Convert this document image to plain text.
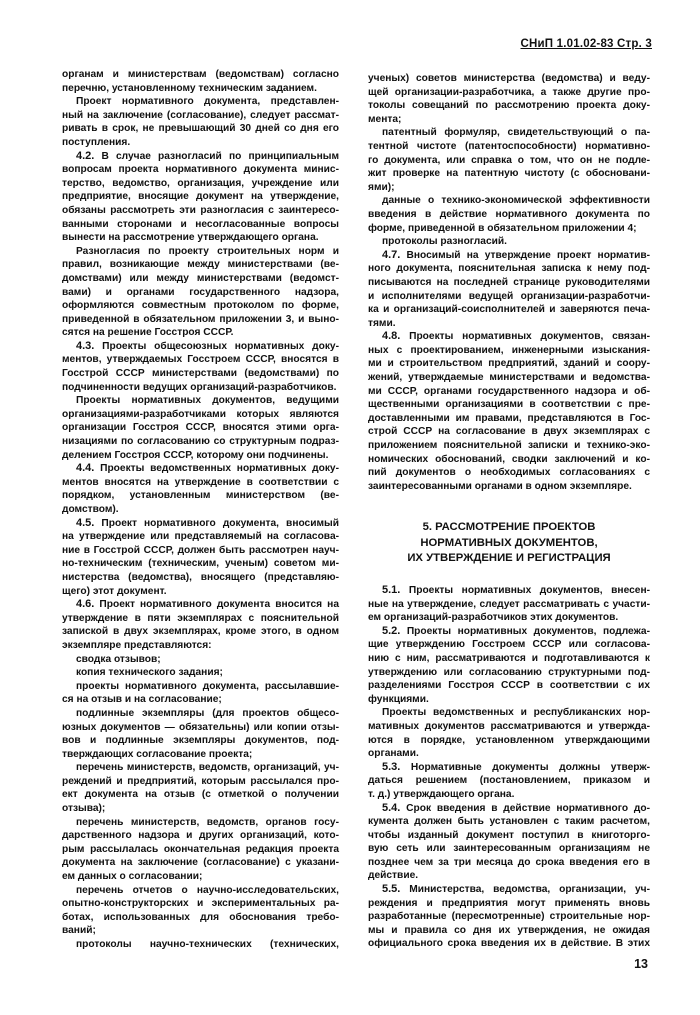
СНиП 1.01.02-83 Стр. 3
органам и министерствам (ведомствам) согласно
перечню, установленному техническим заданием.
Проект нормативного документа, представлен-
ный на заключение (согласование), следует рассмат-
ривать в срок, не превышающий 30 дней со дня его
поступления.
4.2. В случае разногласий по принципиальным
вопросам проекта нормативного документа минис-
терство, ведомство, организация, учреждение или
предприятие, вносящие документ на утверждение,
обязаны рассмотреть эти разногласия с заинтересо-
ванными сторонами и несогласованные вопросы
вынести на рассмотрение утверждающего органа.
Разногласия по проекту строительных норм и
правил, возникающие между министерствами (ве-
домствами) или между министерствами (ведомст-
вами) и органами государственного надзора,
оформляются совместным протоколом по форме,
приведенной в обязательном приложении 3, и выно-
сятся на решение Госстроя СССР.
4.3. Проекты общесоюзных нормативных доку-
ментов, утверждаемых Госстроем СССР, вносятся в
Госстрой СССР министерствами (ведомствами) по
подчиненности ведущих организаций-разработчиков.
Проекты нормативных документов, ведущими
организациями-разработчиками которых являются
организации Госстроя СССР, вносятся этими орга-
низациями по согласованию со структурным подраз-
делением Госстроя СССР, которому они подчинены.
4.4. Проекты ведомственных нормативных доку-
ментов вносятся на утверждение в соответствии с
порядком, установленным министерством (ве-
домством).
4.5. Проект нормативного документа, вносимый
на утверждение или представляемый на согласова-
ние в Госстрой СССР, должен быть рассмотрен науч-
но-техническим (техническим, ученым) советом ми-
нистерства (ведомства), вносящего (представляю-
щего) этот документ.
4.6. Проект нормативного документа вносится на
утверждение в пяти экземплярах с пояснительной
запиской в двух экземплярах, кроме этого, в одном
экземпляре представляются:
сводка отзывов;
копия технического задания;
проекты нормативного документа, рассылавшие-
ся на отзыв и на согласование;
подлинные экземпляры (для проектов общесо-
юзных документов — обязательны) или копии отзы-
вов и подлинные экземпляры документов, под-
тверждающих согласование проекта;
перечень министерств, ведомств, организаций, уч-
реждений и предприятий, которым рассылался про-
ект документа на отзыв (с отметкой о получении
отзыва);
перечень министерств, ведомств, органов госу-
дарственного надзора и других организаций, кото-
рым рассылалась окончательная редакция проекта
документа на заключение (согласование) с указани-
ем данных о согласовании;
перечень отчетов о научно-исследовательских,
опытно-конструкторских и экспериментальных ра-
ботах, использованных для обоснования требо-
ваний;
протоколы научно-технических (технических,
ученых) советов министерства (ведомства) и веду-
щей организации-разработчика, а также другие про-
токолы совещаний по рассмотрению проекта доку-
мента;
патентный формуляр, свидетельствующий о па-
тентной чистоте (патентоспособности) нормативно-
го документа, или справка о том, что он не подле-
жит проверке на патентную чистоту (с обосновани-
ями);
данные о технико-экономической эффективности
введения в действие нормативного документа по
форме, приведенной в обязательном приложении 4;
протоколы разногласий.
4.7. Вносимый на утверждение проект норматив-
ного документа, пояснительная записка к нему под-
писываются на последней странице руководителями
и исполнителями ведущей организации-разработчи-
ка и организаций-соисполнителей и заверяются печа-
тями.
4.8. Проекты нормативных документов, связан-
ных с проектированием, инженерными изыскания-
ми и строительством предприятий, зданий и соору-
жений, утверждаемые министерствами и ведомства-
ми СССР, органами государственного надзора и об-
щественными организациями в соответствии с пре-
доставленными им правами, представляются в Гос-
строй СССР на согласование в двух экземплярах с
приложением пояснительной записки и технико-эко-
номических обоснований, сводки заключений и ко-
пий документов о необходимых согласованиях с
заинтересованными органами в одном экземпляре.
5. РАССМОТРЕНИЕ ПРОЕКТОВ
НОРМАТИВНЫХ ДОКУМЕНТОВ,
ИХ УТВЕРЖДЕНИЕ И РЕГИСТРАЦИЯ
5.1. Проекты нормативных документов, внесен-
ные на утверждение, следует рассматривать с участи-
ем организаций-разработчиков этих документов.
5.2. Проекты нормативных документов, подлежа-
щие утверждению Госстроем СССР или согласова-
нию с ним, рассматриваются и подготавливаются к
утверждению или согласованию структурными под-
разделениями Госстроя СССР в соответствии с их
функциями.
Проекты ведомственных и республиканских нор-
мативных документов рассматриваются и утвержда-
ются в порядке, установленном утверждающими
органами.
5.3. Нормативные документы должны утверж-
даться решением (постановлением, приказом и
т. д.) утверждающего органа.
5.4. Срок введения в действие нормативного до-
кумента должен быть установлен с таким расчетом,
чтобы изданный документ поступил в книготорго-
вую сеть или заинтересованным организациям не
позднее чем за три месяца до срока введения его в
действие.
5.5. Министерства, ведомства, организации, уч-
реждения и предприятия могут применять вновь
разработанные (пересмотренные) строительные нор-
мы и правила со дня их утверждения, не ожидая
официального срока введения их в действие. В этих
13
